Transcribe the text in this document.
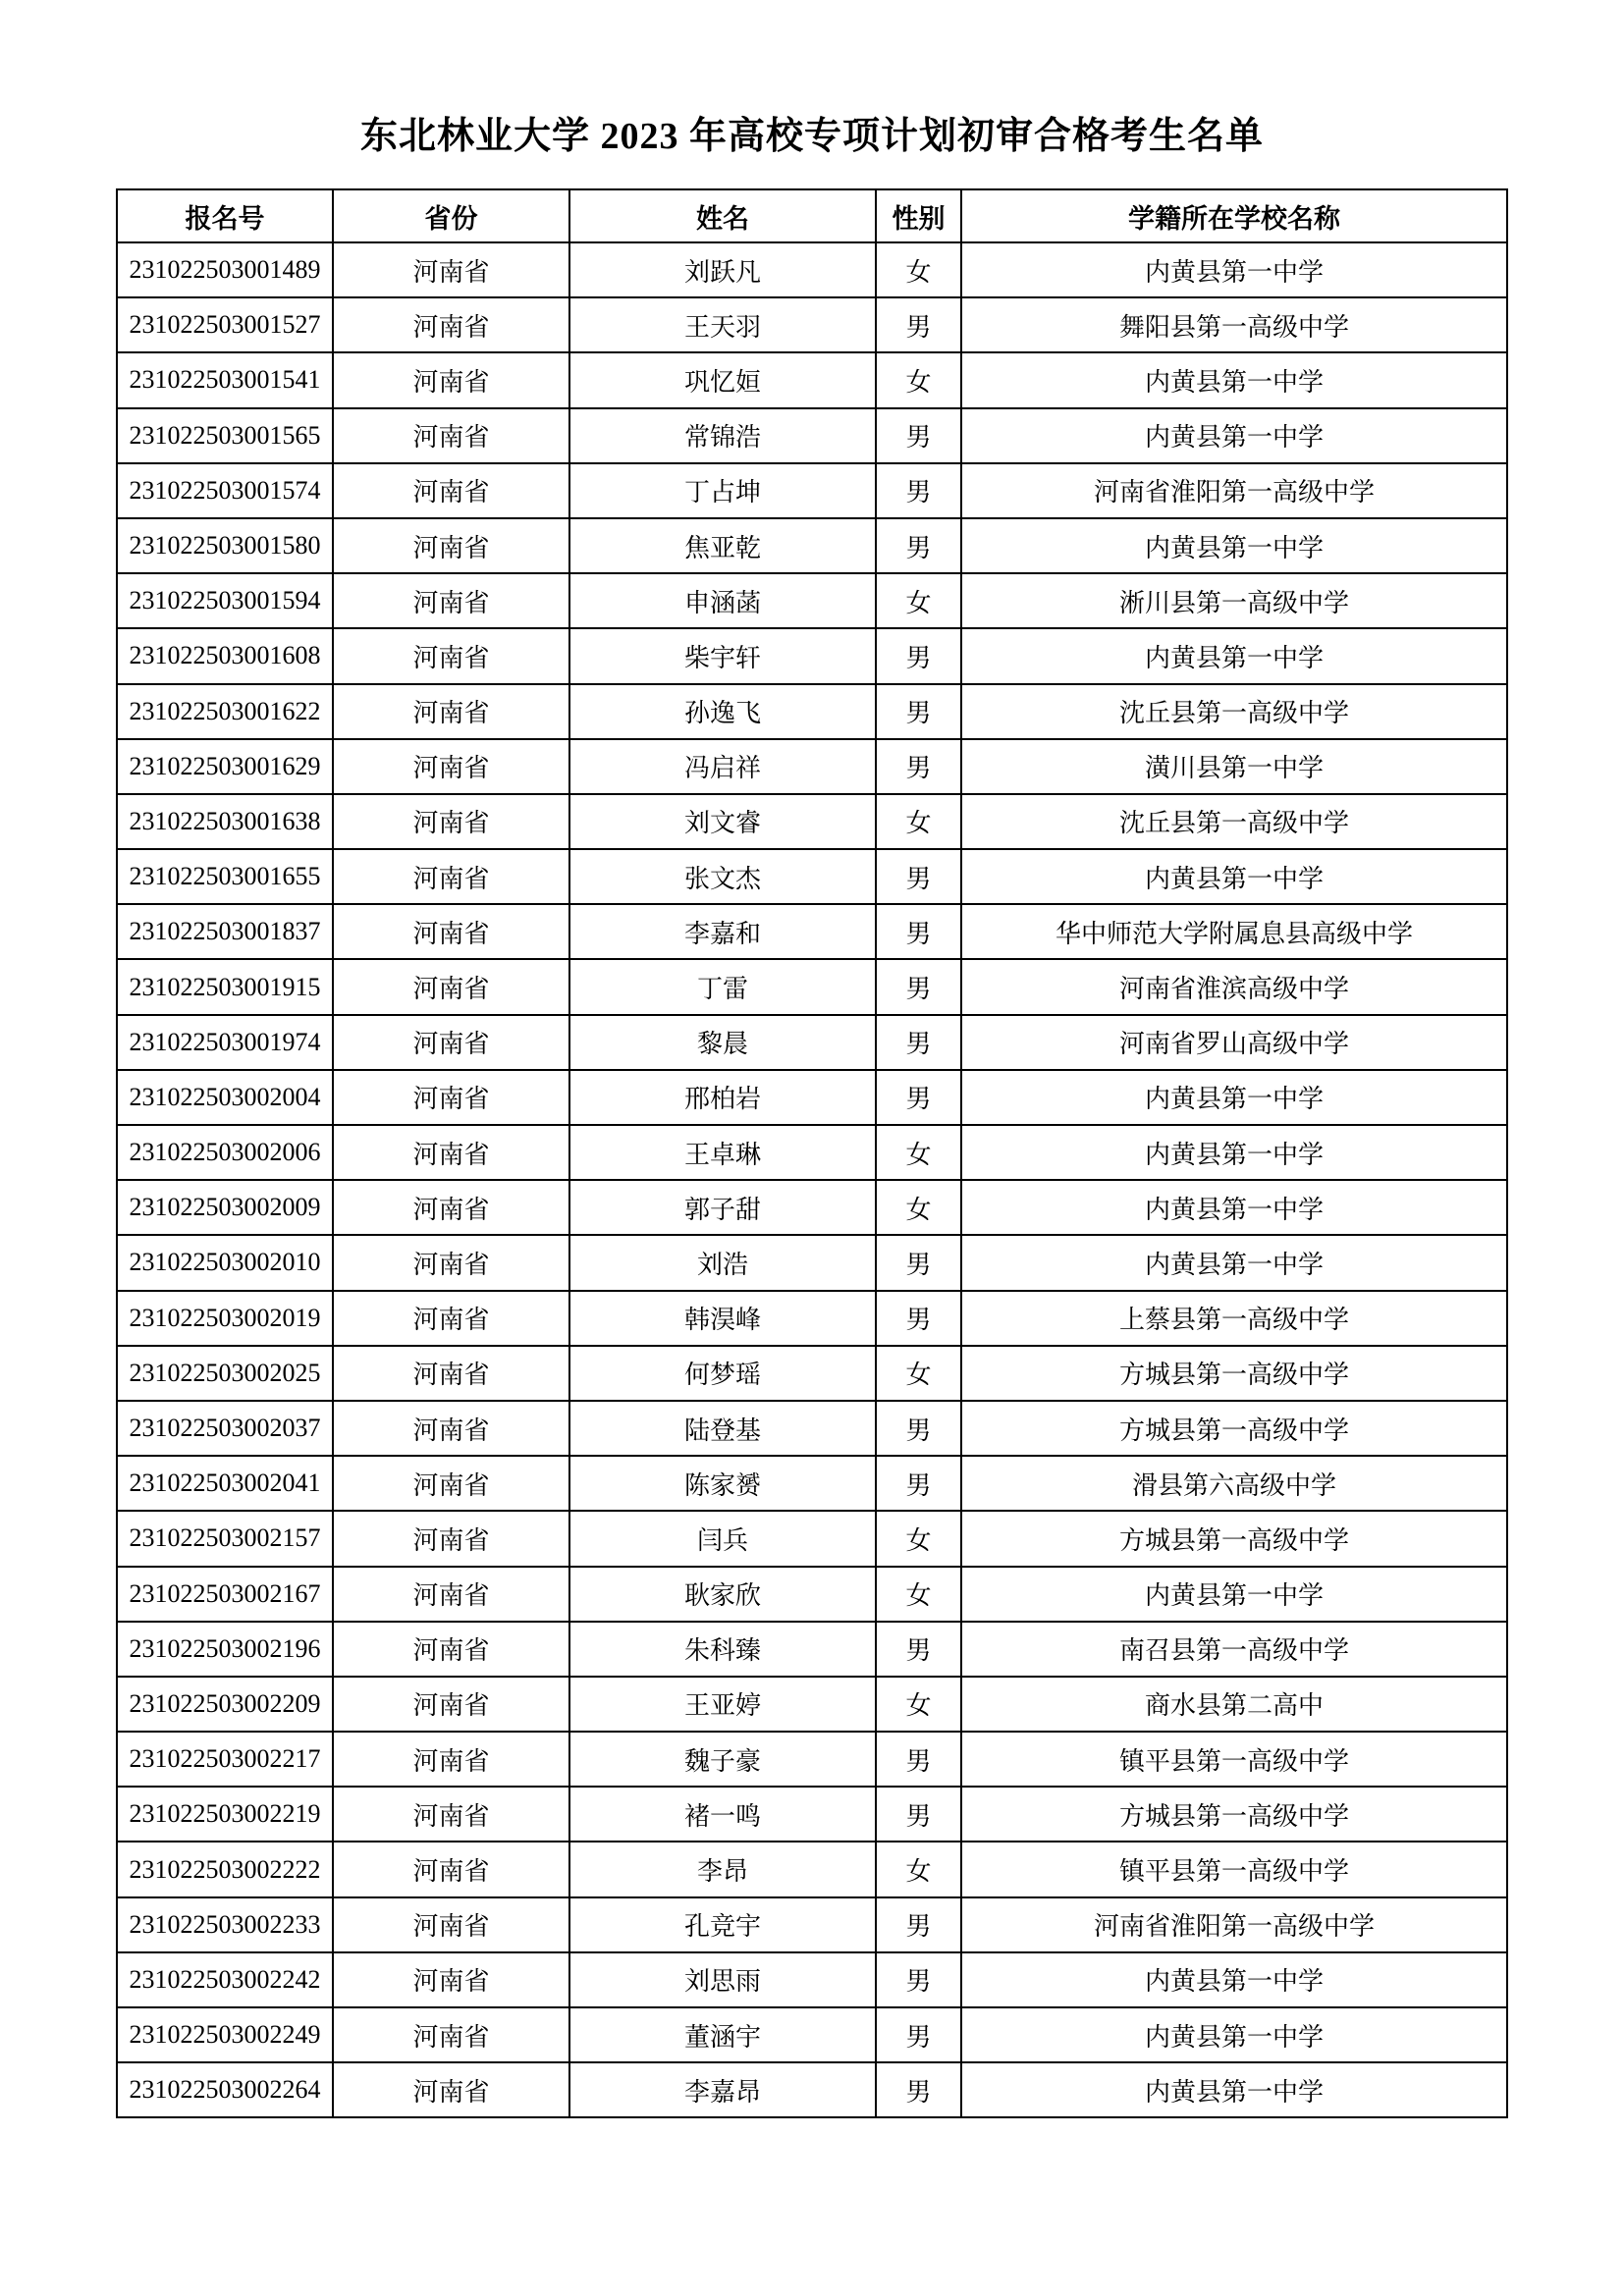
东北林业大学 2023 年高校专项计划初审合格考生名单
报名号	省份	姓名	性别	学籍所在学校名称
231022503001489	河南省	刘跃凡	女	内黄县第一中学
231022503001527	河南省	王天羽	男	舞阳县第一高级中学
231022503001541	河南省	巩忆姮	女	内黄县第一中学
231022503001565	河南省	常锦浩	男	内黄县第一中学
231022503001574	河南省	丁占坤	男	河南省淮阳第一高级中学
231022503001580	河南省	焦亚乾	男	内黄县第一中学
231022503001594	河南省	申涵菡	女	淅川县第一高级中学
231022503001608	河南省	柴宇轩	男	内黄县第一中学
231022503001622	河南省	孙逸飞	男	沈丘县第一高级中学
231022503001629	河南省	冯启祥	男	潢川县第一中学
231022503001638	河南省	刘文睿	女	沈丘县第一高级中学
231022503001655	河南省	张文杰	男	内黄县第一中学
231022503001837	河南省	李嘉和	男	华中师范大学附属息县高级中学
231022503001915	河南省	丁雷	男	河南省淮滨高级中学
231022503001974	河南省	黎晨	男	河南省罗山高级中学
231022503002004	河南省	邢柏岩	男	内黄县第一中学
231022503002006	河南省	王卓琳	女	内黄县第一中学
231022503002009	河南省	郭子甜	女	内黄县第一中学
231022503002010	河南省	刘浩	男	内黄县第一中学
231022503002019	河南省	韩淏峰	男	上蔡县第一高级中学
231022503002025	河南省	何梦瑶	女	方城县第一高级中学
231022503002037	河南省	陆登基	男	方城县第一高级中学
231022503002041	河南省	陈家赟	男	滑县第六高级中学
231022503002157	河南省	闫兵	女	方城县第一高级中学
231022503002167	河南省	耿家欣	女	内黄县第一中学
231022503002196	河南省	朱科臻	男	南召县第一高级中学
231022503002209	河南省	王亚婷	女	商水县第二高中
231022503002217	河南省	魏子豪	男	镇平县第一高级中学
231022503002219	河南省	褚一鸣	男	方城县第一高级中学
231022503002222	河南省	李昂	女	镇平县第一高级中学
231022503002233	河南省	孔竞宇	男	河南省淮阳第一高级中学
231022503002242	河南省	刘思雨	男	内黄县第一中学
231022503002249	河南省	董涵宇	男	内黄县第一中学
231022503002264	河南省	李嘉昂	男	内黄县第一中学
